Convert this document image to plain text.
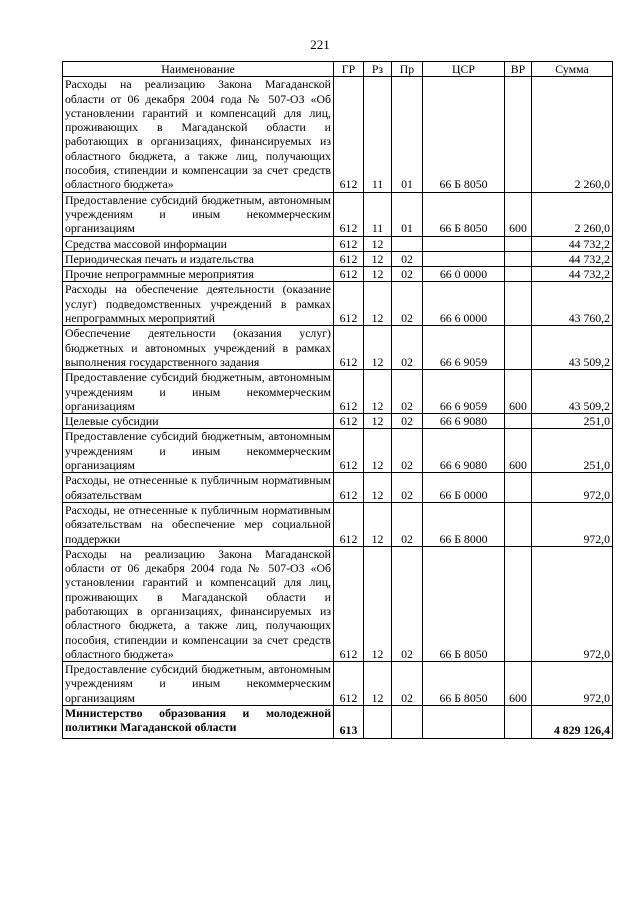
221
Наименование	ГР	Рз	Пр	ЦСР	ВР	Сумма
Расходы на реализацию Закона Магаданской области от 06 декабря 2004 года № 507-ОЗ «Об установлении гарантий и компенсаций для лиц, проживающих в Магаданской области и работающих в организациях, финансируемых из областного бюджета, а также лиц, получающих пособия, стипендии и компенсации за счет средств областного бюджета»	612	11	01	66 Б 8050		2 260,0
Предоставление субсидий бюджетным, автономным учреждениям и иным некоммерческим организациям	612	11	01	66 Б 8050	600	2 260,0
Средства массовой информации	612	12				44 732,2
Периодическая печать и издательства	612	12	02			44 732,2
Прочие непрограммные мероприятия	612	12	02	66 0 0000		44 732,2
Расходы на обеспечение деятельности (оказание услуг) подведомственных учреждений в рамках непрограммных мероприятий	612	12	02	66 6 0000		43 760,2
Обеспечение деятельности (оказания услуг) бюджетных и автономных учреждений в рамках выполнения государственного задания	612	12	02	66 6 9059		43 509,2
Предоставление субсидий бюджетным, автономным учреждениям и иным некоммерческим организациям	612	12	02	66 6 9059	600	43 509,2
Целевые субсидии	612	12	02	66 6 9080		251,0
Предоставление субсидий бюджетным, автономным учреждениям и иным некоммерческим организациям	612	12	02	66 6 9080	600	251,0
Расходы, не отнесенные к публичным нормативным обязательствам	612	12	02	66 Б 0000		972,0
Расходы, не отнесенные к публичным нормативным обязательствам на обеспечение мер социальной поддержки	612	12	02	66 Б 8000		972,0
Расходы на реализацию Закона Магаданской области от 06 декабря 2004 года № 507-ОЗ «Об установлении гарантий и компенсаций для лиц, проживающих в Магаданской области и работающих в организациях, финансируемых из областного бюджета, а также лиц, получающих пособия, стипендии и компенсации за счет средств областного бюджета»	612	12	02	66 Б 8050		972,0
Предоставление субсидий бюджетным, автономным учреждениям и иным некоммерческим организациям	612	12	02	66 Б 8050	600	972,0
Министерство образования и молодежной политики Магаданской области	613					4 829 126,4
